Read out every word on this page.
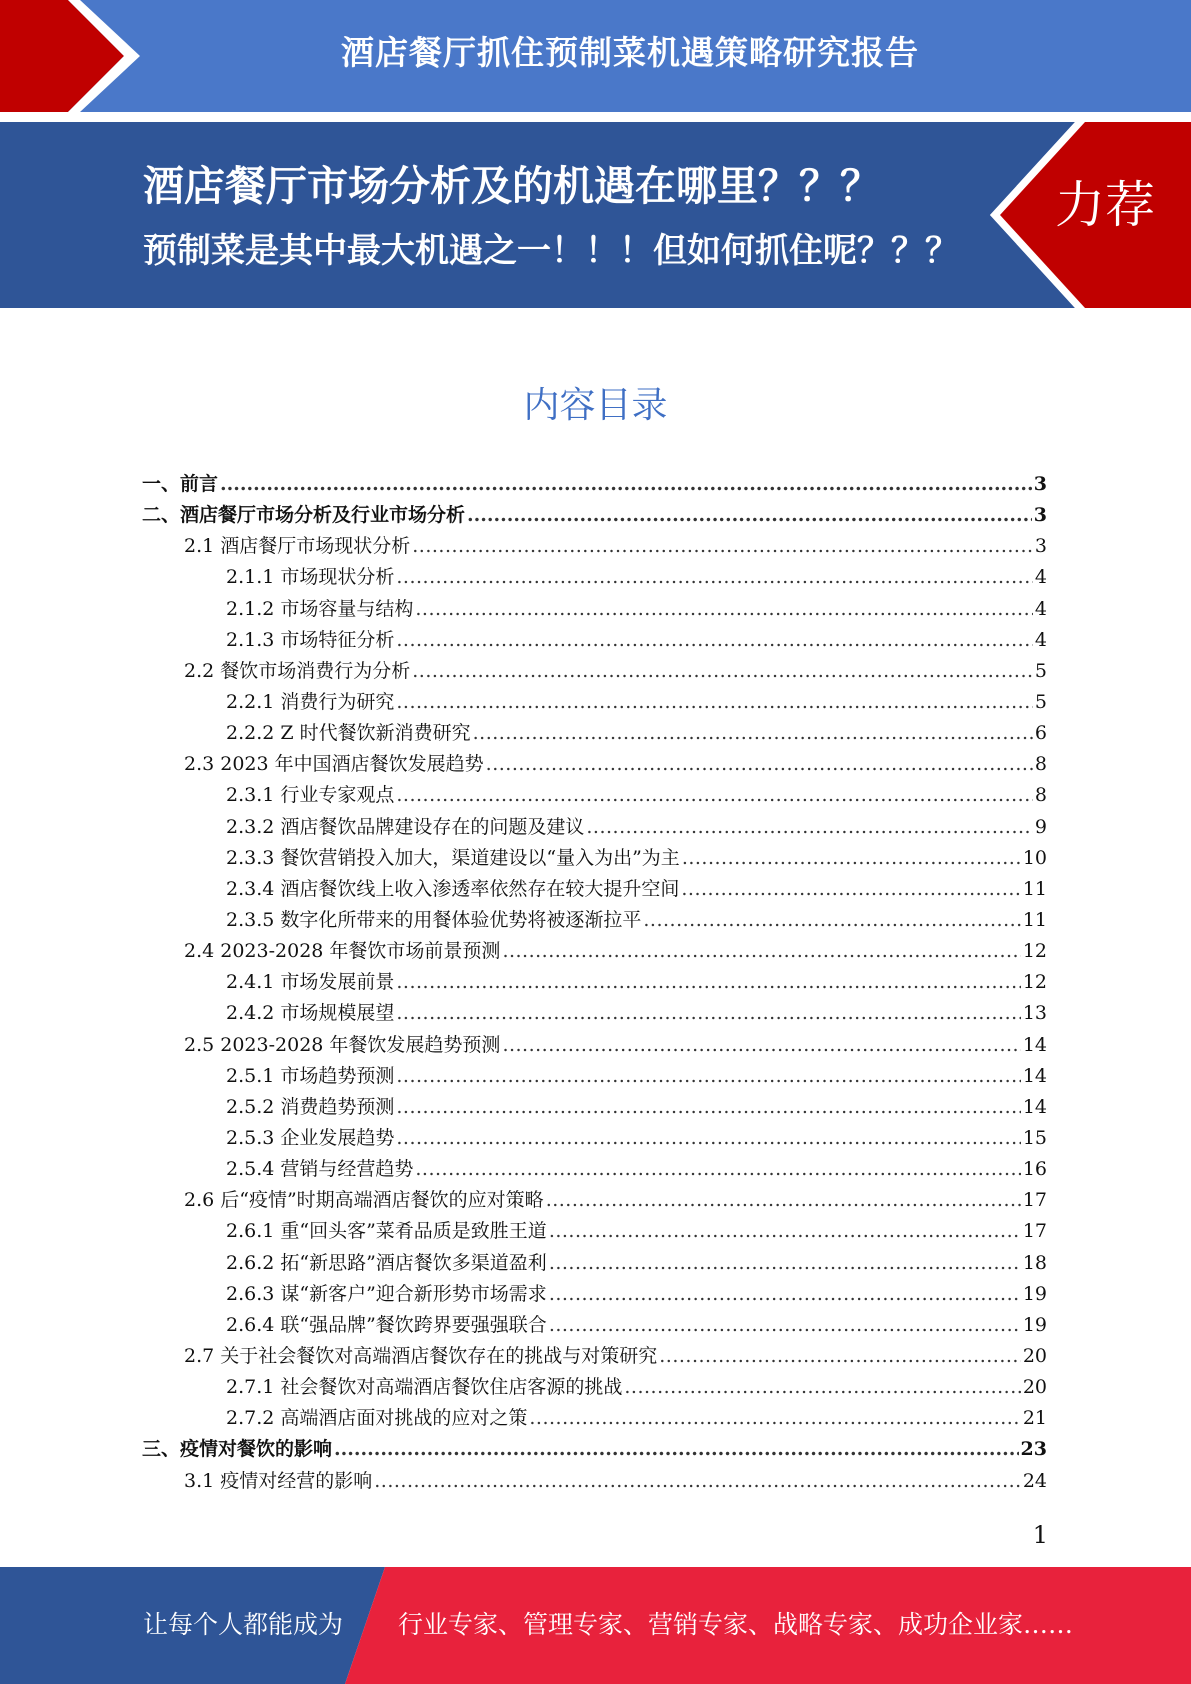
酒店餐厅抓住预制菜机遇策略研究报告
酒店餐厅市场分析及的机遇在哪里？？？
预制菜是其中最大机遇之一！！！但如何抓住呢？？？
力荐
内容目录
一、前言 .....	3
二、酒店餐厅市场分析及行业市场分析 .....	3
2.1 酒店餐厅市场现状分析 .....	3
2.1.1 市场现状分析 .....	4
2.1.2 市场容量与结构 .....	4
2.1.3 市场特征分析 .....	4
2.2 餐饮市场消费行为分析 .....	5
2.2.1 消费行为研究 .....	5
2.2.2 Z 时代餐饮新消费研究 .....	6
2.3 2023 年中国酒店餐饮发展趋势 .....	8
2.3.1 行业专家观点 .....	8
2.3.2 酒店餐饮品牌建设存在的问题及建议 .....	9
2.3.3 餐饮营销投入加大，渠道建设以“量入为出”为主 .....	10
2.3.4 酒店餐饮线上收入渗透率依然存在较大提升空间 .....	11
2.3.5 数字化所带来的用餐体验优势将被逐渐拉平 .....	11
2.4 2023-2028 年餐饮市场前景预测 .....	12
2.4.1 市场发展前景 .....	12
2.4.2 市场规模展望 .....	13
2.5 2023-2028 年餐饮发展趋势预测 .....	14
2.5.1 市场趋势预测 .....	14
2.5.2 消费趋势预测 .....	14
2.5.3 企业发展趋势 .....	15
2.5.4 营销与经营趋势 .....	16
2.6 后“疫情”时期高端酒店餐饮的应对策略 .....	17
2.6.1 重“回头客”菜肴品质是致胜王道 .....	17
2.6.2 拓“新思路”酒店餐饮多渠道盈利 .....	18
2.6.3 谋“新客户”迎合新形势市场需求 .....	19
2.6.4 联“强品牌”餐饮跨界要强强联合 .....	19
2.7 关于社会餐饮对高端酒店餐饮存在的挑战与对策研究 .....	20
2.7.1 社会餐饮对高端酒店餐饮住店客源的挑战 .....	20
2.7.2 高端酒店面对挑战的应对之策 .....	21
三、疫情对餐饮的影响 .....	23
3.1 疫情对经营的影响 .....	24
1
让每个人都能成为 行业专家、管理专家、营销专家、战略专家、成功企业家……
